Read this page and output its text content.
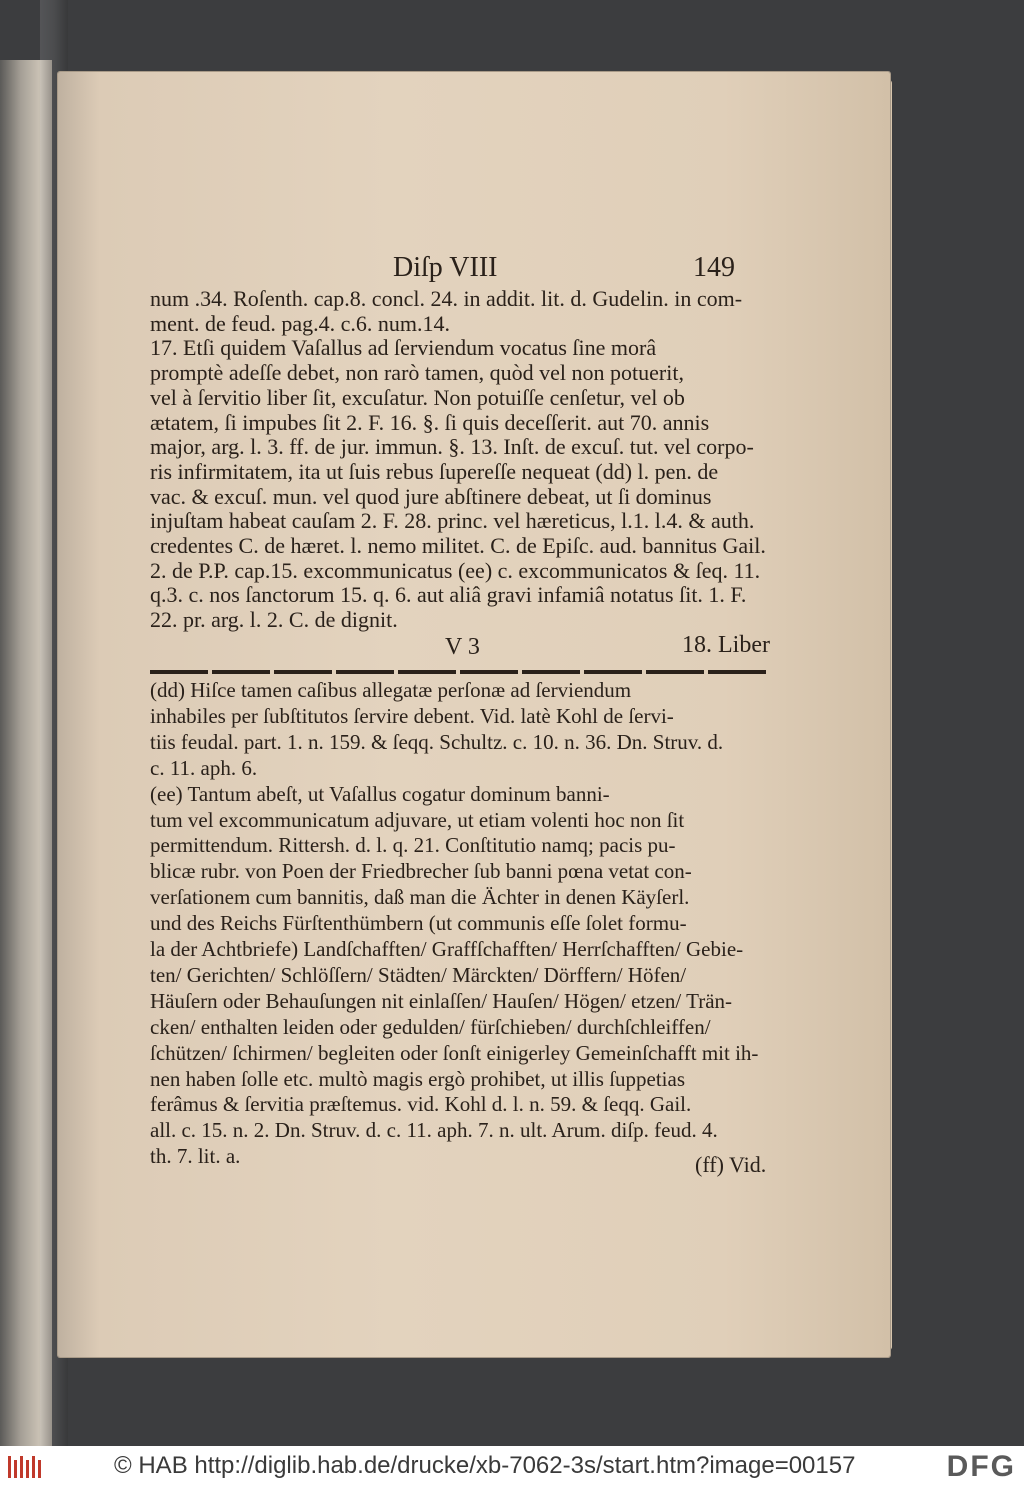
Diſp VIII	149
num .34. Roſenth. cap.8. concl. 24. in addit. lit. d. Gudelin. in com-
ment. de feud. pag.4. c.6. num.14.
17. Etſi quidem Vaſallus ad ſerviendum vocatus ſine morâ
promptè adeſſe debet, non rarò tamen, quòd vel non potuerit,
vel à ſervitio liber ſit, excuſatur. Non potuiſſe cenſetur, vel ob
ætatem, ſi impubes ſit 2. F. 16. §. ſi quis deceſſerit. aut 70. annis
major, arg. l. 3. ff. de jur. immun. §. 13. Inſt. de excuſ. tut. vel corpo-
ris infirmitatem, ita ut ſuis rebus ſupereſſe nequeat (dd) l. pen. de
vac. & excuſ. mun. vel quod jure abſtinere debeat, ut ſi dominus
injuſtam habeat cauſam 2. F. 28. princ. vel hæreticus, l.1. l.4. & auth.
credentes C. de hæret. l. nemo militet. C. de Epiſc. aud. bannitus Gail.
2. de P.P. cap.15. excommunicatus (ee) c. excommunicatos & ſeq. 11.
q.3. c. nos ſanctorum 15. q. 6. aut aliâ gravi infamiâ notatus ſit. 1. F.
22. pr. arg. l. 2. C. de dignit.
V 3	18. Liber
(dd) Hiſce tamen caſibus allegatæ perſonæ ad ſerviendum
inhabiles per ſubſtitutos ſervire debent. Vid. latè Kohl de ſervi-
tiis feudal. part. 1. n. 159. & ſeqq. Schultz. c. 10. n. 36. Dn. Struv. d.
c. 11. aph. 6.
(ee) Tantum abeſt, ut Vaſallus cogatur dominum banni-
tum vel excommunicatum adjuvare, ut etiam volenti hoc non ſit
permittendum. Rittersh. d. l. q. 21. Conſtitutio namq; pacis pu-
blicæ rubr. von Poen der Friedbrecher ſub banni pœna vetat con-
verſationem cum bannitis, daß man die Ächter in denen Käyſerl.
und des Reichs Fürſtenthümbern (ut communis eſſe ſolet formu-
la der Achtbriefe) Landſchafften/ Graffſchafften/ Herrſchafften/ Gebie-
ten/ Gerichten/ Schlöſſern/ Städten/ Märckten/ Dörffern/ Höfen/
Häuſern oder Behauſungen nit einlaſſen/ Hauſen/ Högen/ etzen/ Trän-
cken/ enthalten leiden oder gedulden/ fürſchieben/ durchſchleiffen/
ſchützen/ ſchirmen/ begleiten oder ſonſt einigerley Gemeinſchafft mit ih-
nen haben ſolle etc. multò magis ergò prohibet, ut illis ſuppetias
ferâmus & ſervitia præſtemus. vid. Kohl d. l. n. 59. & ſeqq. Gail.
all. c. 15. n. 2. Dn. Struv. d. c. 11. aph. 7. n. ult. Arum. diſp. feud. 4.
th. 7. lit. a.	(ff) Vid.
© HAB http://diglib.hab.de/drucke/xb-7062-3s/start.htm?image=00157	DFG
